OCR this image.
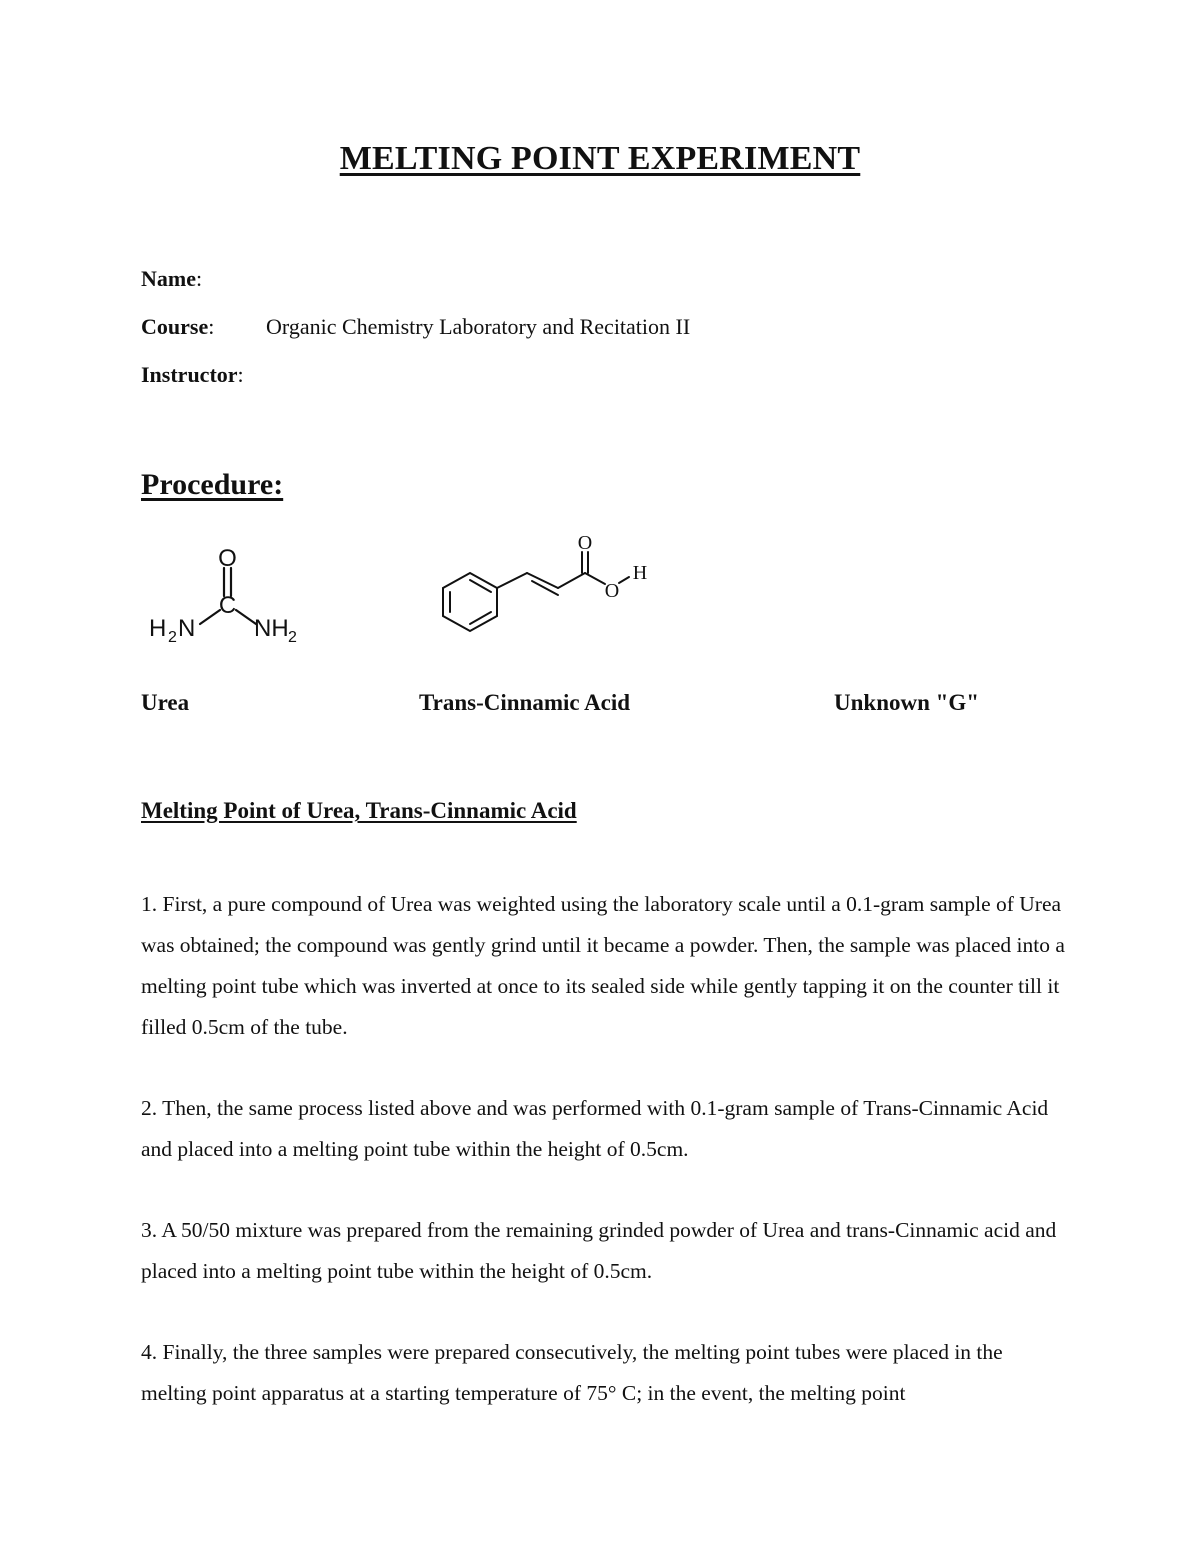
MELTING POINT EXPERIMENT
Name:
Course: Organic Chemistry Laboratory and Recitation II
Instructor:
Procedure:
O
C
H 2 N NH 2
O
O
H
Urea	Trans-Cinnamic Acid	Unknown "G"
Melting Point of Urea, Trans-Cinnamic Acid
1. First, a pure compound of Urea was weighted using the laboratory scale until a 0.1-gram sample of Urea was obtained; the compound was gently grind until it became a powder. Then, the sample was placed into a melting point tube which was inverted at once to its sealed side while gently tapping it on the counter till it filled 0.5cm of the tube.
2. Then, the same process listed above and was performed with 0.1-gram sample of Trans-Cinnamic Acid and placed into a melting point tube within the height of 0.5cm.
3. A 50/50 mixture was prepared from the remaining grinded powder of Urea and trans-Cinnamic acid and placed into a melting point tube within the height of 0.5cm.
4. Finally, the three samples were prepared consecutively, the melting point tubes were placed in the melting point apparatus at a starting temperature of 75° C; in the event, the melting point
